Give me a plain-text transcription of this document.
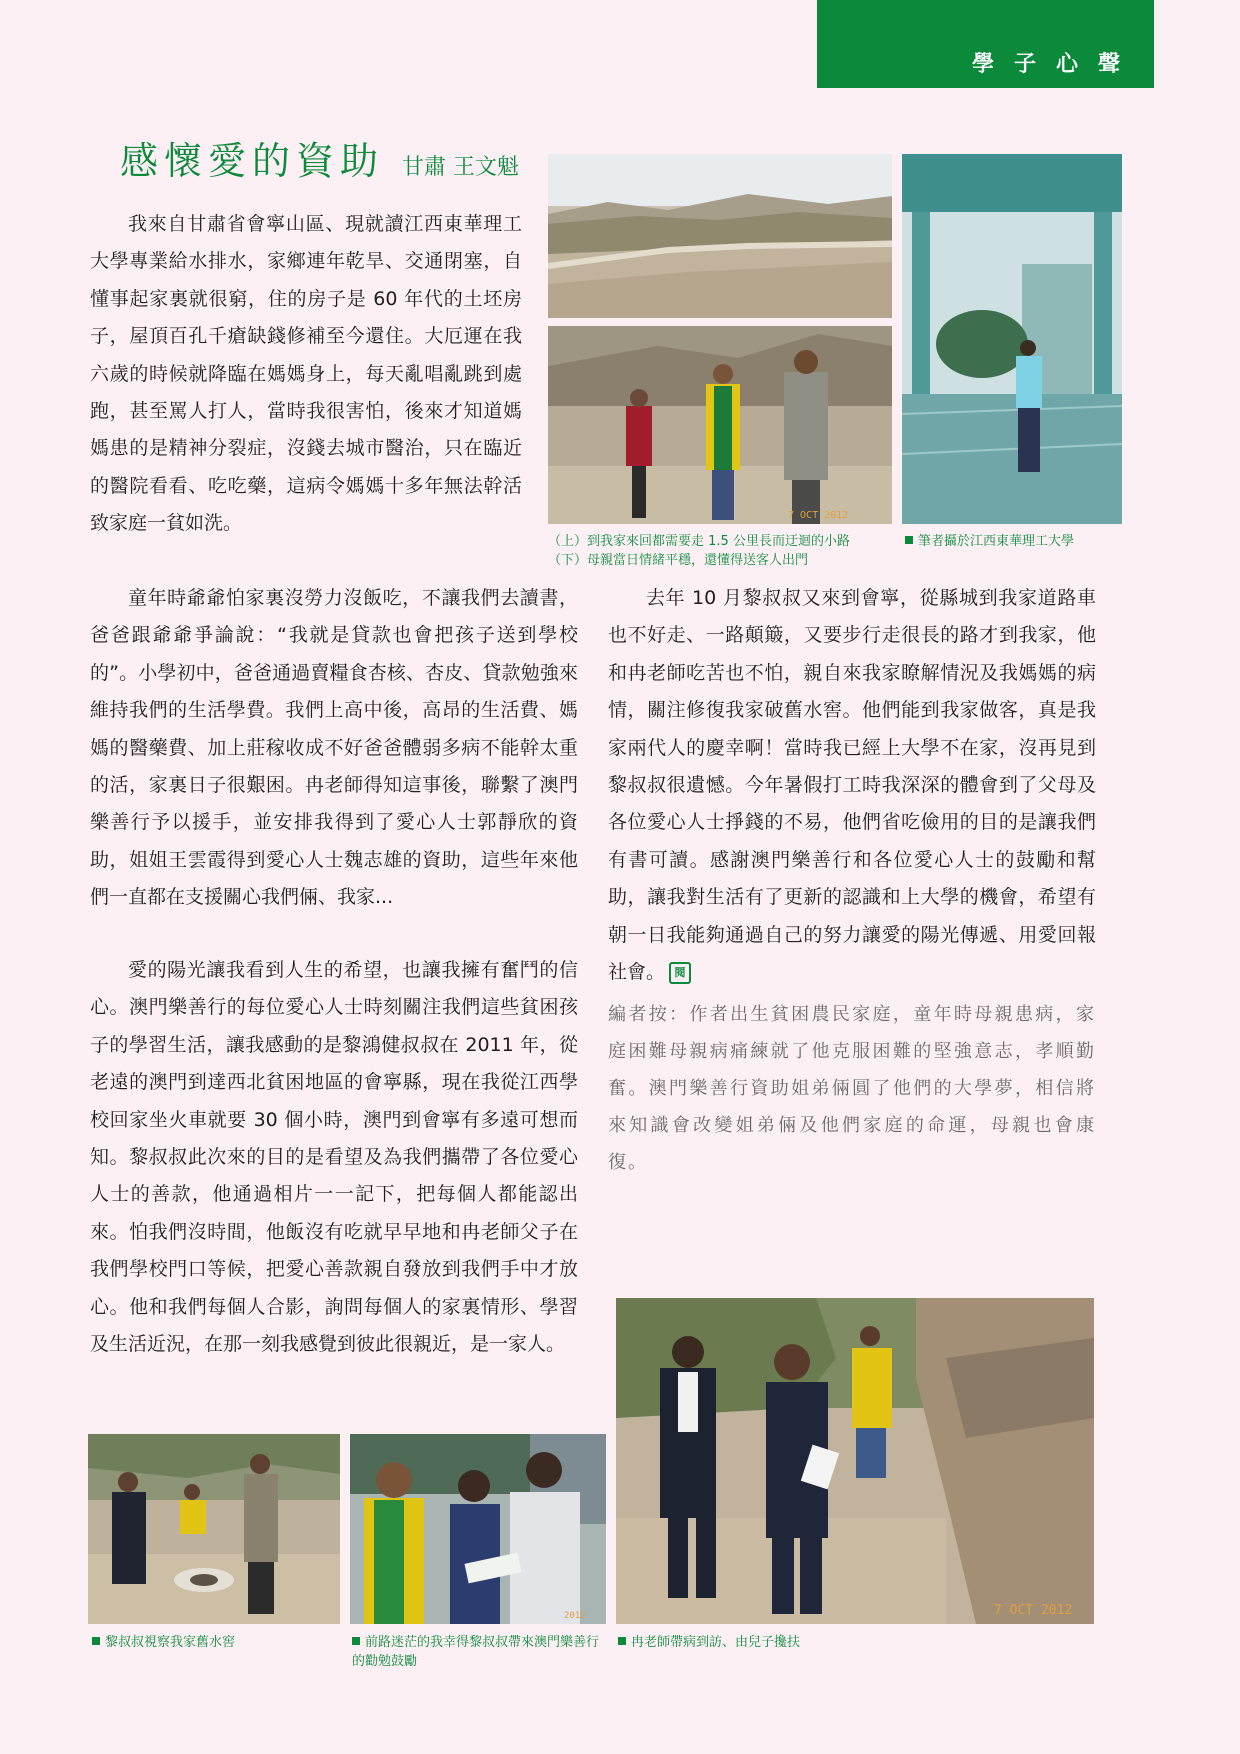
學子心聲
感懷愛的資助 甘肅 王文魁

我來自甘肅省會寧山區、現就讀江西東華理工大學專業給水排水，家鄉連年乾旱、交通閉塞，自懂事起家裏就很窮，住的房子是 60 年代的土坯房子，屋頂百孔千瘡缺錢修補至今還住。大厄運在我六歲的時候就降臨在媽媽身上，每天亂唱亂跳到處跑，甚至罵人打人，當時我很害怕，後來才知道媽媽患的是精神分裂症，沒錢去城市醫治，只在臨近的醫院看看、吃吃藥，這病令媽媽十多年無法幹活致家庭一貧如洗。

童年時爺爺怕家裏沒勞力沒飯吃，不讓我們去讀書，爸爸跟爺爺爭論說：“我就是貸款也會把孩子送到學校的”。小學初中，爸爸通過賣糧食杏核、杏皮、貸款勉強來維持我們的生活學費。我們上高中後，高昂的生活費、媽媽的醫藥費、加上莊稼收成不好爸爸體弱多病不能幹太重的活，家裏日子很艱困。冉老師得知這事後，聯繫了澳門樂善行予以援手，並安排我得到了愛心人士郭靜欣的資助，姐姐王雲霞得到愛心人士魏志雄的資助，這些年來他們一直都在支援關心我們倆、我家...

愛的陽光讓我看到人生的希望，也讓我擁有奮鬥的信心。澳門樂善行的每位愛心人士時刻關注我們這些貧困孩子的學習生活，讓我感動的是黎鴻健叔叔在 2011 年，從老遠的澳門到達西北貧困地區的會寧縣，現在我從江西學校回家坐火車就要 30 個小時，澳門到會寧有多遠可想而知。黎叔叔此次來的目的是看望及為我們攜帶了各位愛心人士的善款，他通過相片一一記下，把每個人都能認出來。怕我們沒時間，他飯沒有吃就早早地和冉老師父子在我們學校門口等候，把愛心善款親自發放到我們手中才放心。他和我們每個人合影，詢問每個人的家裏情形、學習及生活近況，在那一刻我感覺到彼此很親近，是一家人。

去年 10 月黎叔叔又來到會寧，從縣城到我家道路車也不好走、一路顛簸，又要步行走很長的路才到我家，他和冉老師吃苦也不怕，親自來我家瞭解情況及我媽媽的病情，關注修復我家破舊水窖。他們能到我家做客，真是我家兩代人的慶幸啊！當時我已經上大學不在家，沒再見到黎叔叔很遺憾。今年暑假打工時我深深的體會到了父母及各位愛心人士掙錢的不易，他們省吃儉用的目的是讓我們有書可讀。感謝澳門樂善行和各位愛心人士的鼓勵和幫助，讓我對生活有了更新的認識和上大學的機會，希望有朝一日我能夠通過自己的努力讓愛的陽光傳遞、用愛回報社會。 閱

編者按：作者出生貧困農民家庭，童年時母親患病，家庭困難母親病痛練就了他克服困難的堅強意志，孝順勤奮。澳門樂善行資助姐弟倆圓了他們的大學夢，相信將來知識會改變姐弟倆及他們家庭的命運，母親也會康復。

7 OCT 2012

（上）到我家來回都需要走 1.5 公里長而迂迴的小路
（下）母親當日情緒平穩，還懂得送客人出門

筆者攝於江西東華理工大學

2012	7 OCT 2012

黎叔叔視察我家舊水窖	前路迷茫的我幸得黎叔叔帶來澳門樂善行的勸勉鼓勵

冉老師帶病到訪、由兒子攙扶
